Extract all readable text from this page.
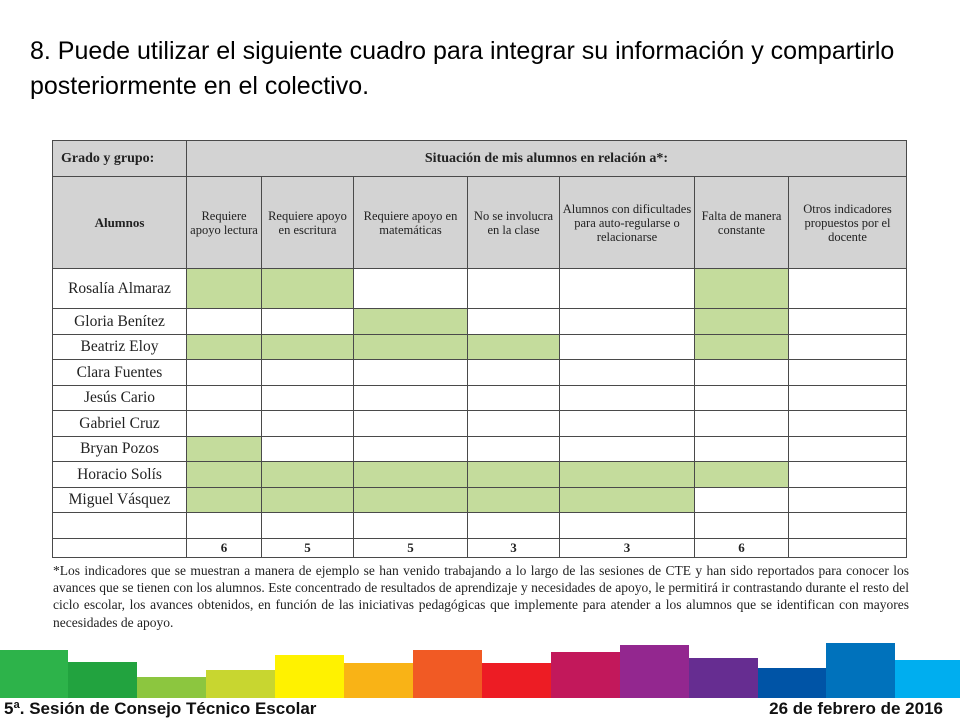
8. Puede utilizar el siguiente cuadro para integrar su información y compartirlo posteriormente en el colectivo.

Grado y grupo:	Situación de mis alumnos en relación a*:						
Alumnos	Requiere apoyo lectura	Requiere apoyo en escritura	Requiere apoyo en matemáticas	No se involucra en la clase	Alumnos con dificultades para auto-regularse o relacionarse	Falta de manera constante	Otros indicadores propuestos por el docente
Rosalía Almaraz							
Gloria Benítez							
Beatriz Eloy							
Clara Fuentes							
Jesús Cario							
Gabriel Cruz							
Bryan Pozos							
Horacio Solís							
Miguel Vásquez							

	6	5	5	3	3	6	

*Los indicadores que se muestran a manera de ejemplo se han venido trabajando a lo largo de las sesiones de CTE y han sido reportados para conocer los avances que se tienen con los alumnos. Este concentrado de resultados de aprendizaje y necesidades de apoyo, le permitirá ir contrastando durante el resto del ciclo escolar, los avances obtenidos, en función de las iniciativas pedagógicas que implemente para atender a los alumnos que se identifican con mayores necesidades de apoyo.

5ª. Sesión de Consejo Técnico Escolar	26 de febrero de 2016
